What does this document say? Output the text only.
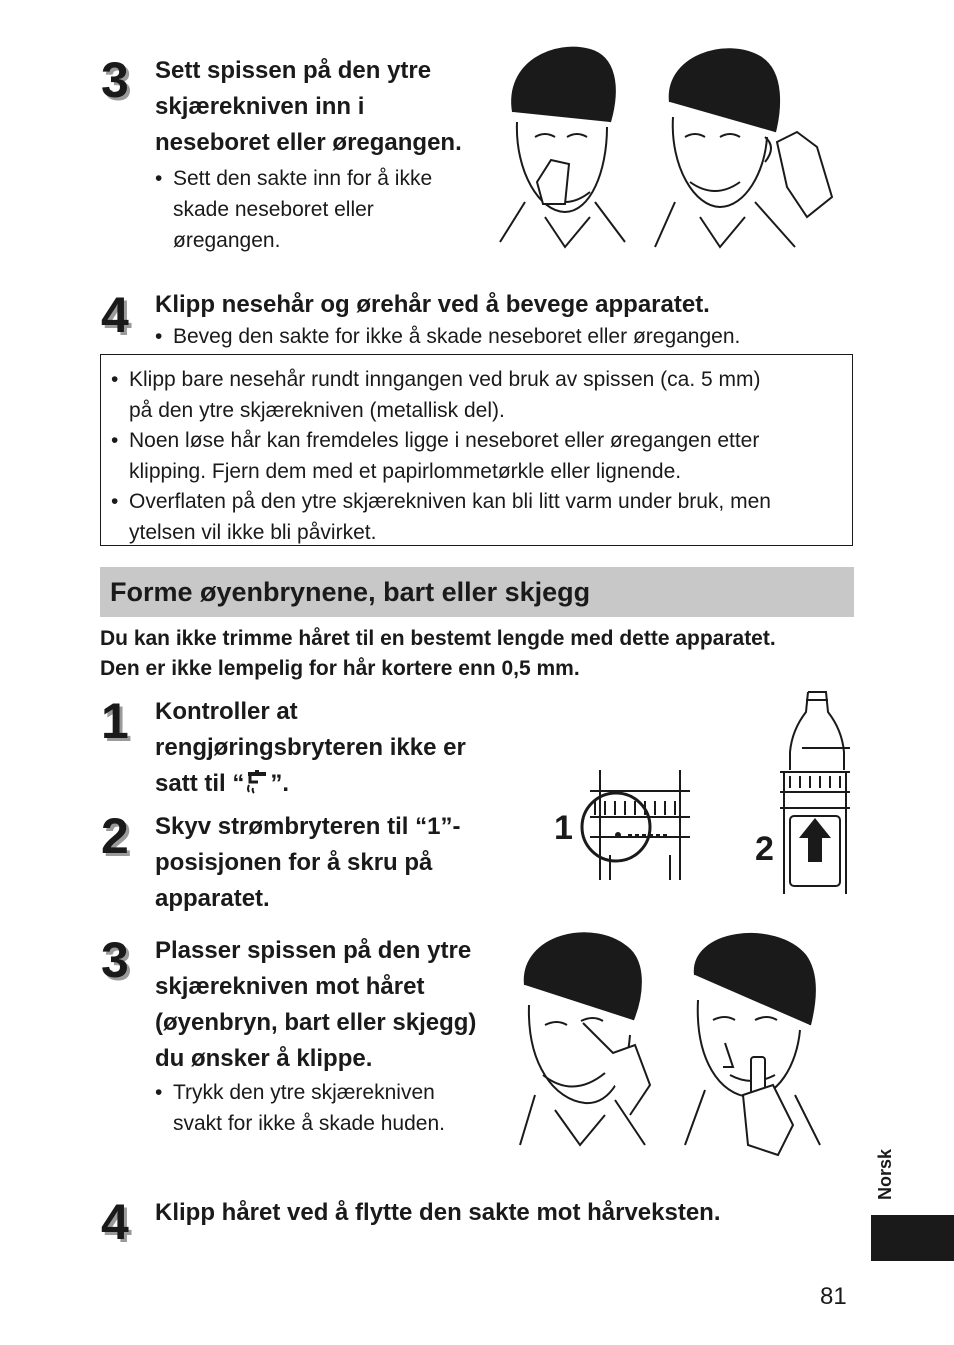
3 Sett spissen på den ytre
skjærekniven inn i
neseboret eller øregangen.
• Sett den sakte inn for å ikke
skade neseboret eller
øregangen.
4 Klipp nesehår og ørehår ved å bevege apparatet.
• Beveg den sakte for ikke å skade neseboret eller øregangen.
• Klipp bare nesehår rundt inngangen ved bruk av spissen (ca. 5 mm)
på den ytre skjærekniven (metallisk del).
• Noen løse hår kan fremdeles ligge i neseboret eller øregangen etter
klipping. Fjern dem med et papirlommetørkle eller lignende.
• Overflaten på den ytre skjærekniven kan bli litt varm under bruk, men
ytelsen vil ikke bli påvirket.
Forme øyenbrynene, bart eller skjegg
Du kan ikke trimme håret til en bestemt lengde med dette apparatet.
Den er ikke lempelig for hår kortere enn 0,5 mm.
1 Kontroller at
rengjøringsbryteren ikke er
satt til “ ”.
2 Skyv strømbryteren til “1”-
posisjonen for å skru på
apparatet.
1
2
3 Plasser spissen på den ytre
skjærekniven mot håret
(øyenbryn, bart eller skjegg)
du ønsker å klippe.
• Trykk den ytre skjærekniven
svakt for ikke å skade huden.
4 Klipp håret ved å flytte den sakte mot hårveksten.
Norsk
81
